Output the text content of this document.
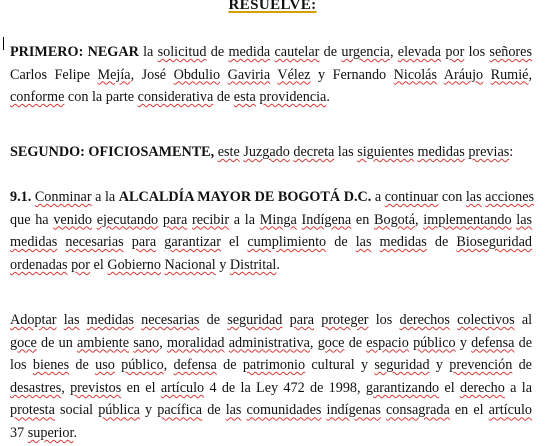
RESUELVE:
PRIMERO: NEGAR la solicitud de medida cautelar de urgencia, elevada por los señores
Carlos Felipe Mejía, José Obdulio Gaviria Vélez y Fernando Nicolás Aráujo Rumié,
conforme con la parte considerativa de esta providencia.
SEGUNDO: OFICIOSAMENTE, este Juzgado decreta las siguientes medidas previas:
9.1. Conminar a la ALCALDÍA MAYOR DE BOGOTÁ D.C. a continuar con las acciones
que ha venido ejecutando para recibir a la Minga Indígena en Bogotá, implementando las
medidas necesarias para garantizar el cumplimiento de las medidas de Bioseguridad
ordenadas por el Gobierno Nacional y Distrital.
Adoptar las medidas necesarias de seguridad para proteger los derechos colectivos al
goce de un ambiente sano, moralidad administrativa, goce de espacio público y defensa de
los bienes de uso público, defensa de patrimonio cultural y seguridad y prevención de
desastres, previstos en el artículo 4 de la Ley 472 de 1998, garantizando el derecho a la
protesta social pública y pacífica de las comunidades indígenas consagrada en el artículo
37 superior.
